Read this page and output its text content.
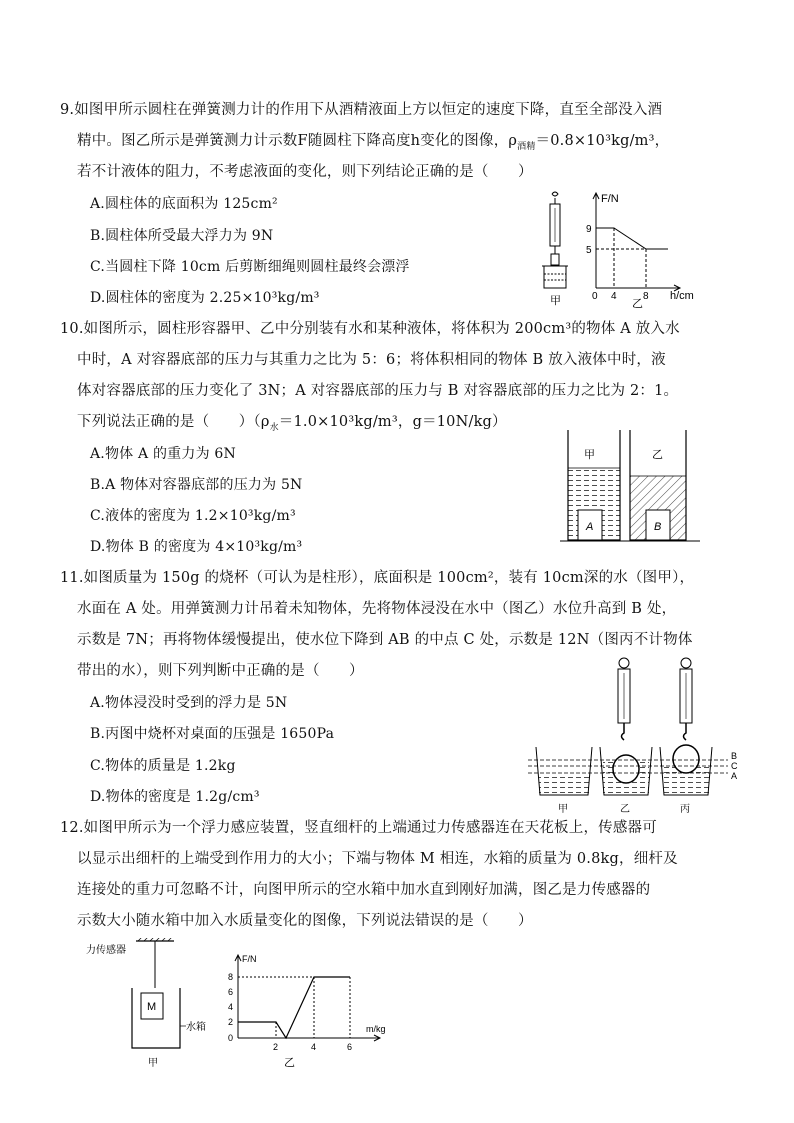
9.如图甲所示圆柱在弹簧测力计的作用下从酒精液面上方以恒定的速度下降，直至全部没入酒
精中。图乙所示是弹簧测力计示数F随圆柱下降高度h变化的图像，$\rho_{酒精}=0.8\times 10^3kg/m^3$，
若不计液体的阻力，不考虑液面的变化，则下列结论正确的是（　　）
A.圆柱体的底面积为 125cm²
B.圆柱体所受最大浮力为 9N
C.当圆柱下降 10cm 后剪断细绳则圆柱最终会漂浮
D.圆柱体的密度为 2.25×10³kg/m³	甲
F/N
9
5
0 4	8 h/cm
乙
10.如图所示，圆柱形容器甲、乙中分别装有水和某种液体，将体积为 200cm³的物体 A 放入水
中时，A 对容器底部的压力与其重力之比为 5：6；将体积相同的物体 B 放入液体中时，液
体对容器底部的压力变化了 3N；A 对容器底部的压力与 B 对容器底部的压力之比为 2：1。
下列说法正确的是（　　）（$\rho_水=1.0\times 10^3kg/m^3$，g＝10N/kg）
A.物体 A 的重力为 6N
B.A 物体对容器底部的压力为 5N
C.液体的密度为 1.2×10³kg/m³
D.物体 B 的密度为 4×10³kg/m³
A
甲
B
乙
11.如图质量为 150g 的烧杯（可认为是柱形），底面积是 100cm²，装有 10cm深的水（图甲），
水面在 A 处。用弹簧测力计吊着未知物体，先将物体浸没在水中（图乙）水位升高到 B 处，
示数是 7N；再将物体缓慢提出，使水位下降到 AB 的中点 C 处，示数是 12N（图丙不计物体
带出的水），则下列判断中正确的是（　　）
A.物体浸没时受到的浮力是 5N
B.丙图中烧杯对桌面的压强是 1650Pa
C.物体的质量是 1.2kg
D.物体的密度是 1.2g/cm³
B
C
A
甲	乙	丙
12.如图甲所示为一个浮力感应装置，竖直细杆的上端通过力传感器连在天花板上，传感器可
以显示出细杆的上端受到作用力的大小；下端与物体 M 相连，水箱的质量为 0.8kg，细杆及
连接处的重力可忽略不计，向图甲所示的空水箱中加水直到刚好加满，图乙是力传感器的
示数大小随水箱中加入水质量变化的图像，下列说法错误的是（　　）
力传感器
M
水箱
甲
F/N
8
6
4
2
0
2	4	6
m/kg
乙
